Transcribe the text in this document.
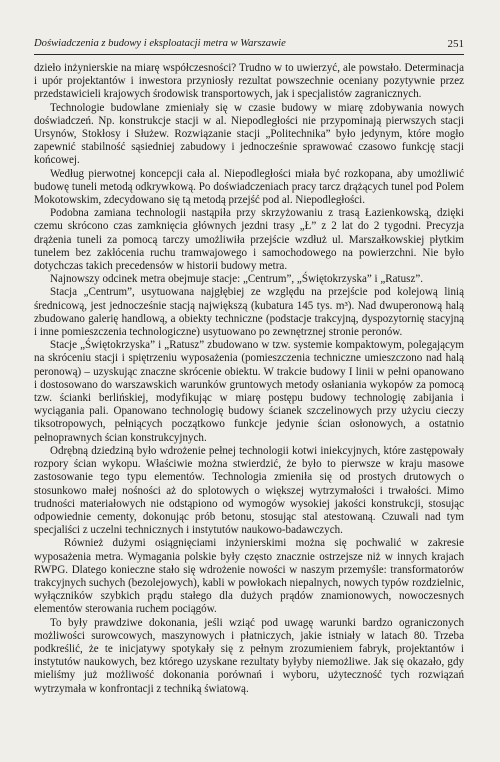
Doświadczenia z budowy i eksploatacji metra w Warszawie	251

dzieło inżynierskie na miarę współczesności? Trudno w to uwierzyć, ale powstało. Determinacja i upór projektantów i inwestora przyniosły rezultat powszechnie oceniany pozytywnie przez przedstawicieli krajowych środowisk transportowych, jak i specjalistów zagranicznych.

Technologie budowlane zmieniały się w czasie budowy w miarę zdobywania nowych doświadczeń. Np. konstrukcje stacji w al. Niepodległości nie przypominają pierwszych stacji Ursynów, Stokłosy i Służew. Rozwiązanie stacji „Politechnika” było jedynym, które mogło zapewnić stabilność sąsiedniej zabudowy i jednocześnie sprawować czasowo funkcję stacji końcowej.

Według pierwotnej koncepcji cała al. Niepodległości miała być rozkopana, aby umożliwić budowę tuneli metodą odkrywkową. Po doświadczeniach pracy tarcz drążących tunel pod Polem Mokotowskim, zdecydowano się tą metodą przejść pod al. Niepodległości.

Podobna zamiana technologii nastąpiła przy skrzyżowaniu z trasą Łazienkowską, dzięki czemu skrócono czas zamknięcia głównych jezdni trasy „Ł” z 2 lat do 2 tygodni. Precyzja drążenia tuneli za pomocą tarczy umożliwiła przejście wzdłuż ul. Marszałkowskiej płytkim tunelem bez zakłócenia ruchu tramwajowego i samochodowego na powierzchni. Nie było dotychczas takich precedensów w historii budowy metra.

Najnowszy odcinek metra obejmuje stacje: „Centrum”, „Świętokrzyska” i „Ratusz”.

Stacja „Centrum”, usytuowana najgłębiej ze względu na przejście pod kolejową linią średnicową, jest jednocześnie stacją największą (kubatura 145 tys. m³). Nad dwuperonową halą zbudowano galerię handlową, a obiekty techniczne (podstacje trakcyjną, dyspozytornię stacyjną i inne pomieszczenia technologiczne) usytuowano po zewnętrznej stronie peronów.

Stacje „Świętokrzyska” i „Ratusz” zbudowano w tzw. systemie kompaktowym, polegającym na skróceniu stacji i spiętrzeniu wyposażenia (pomieszczenia techniczne umieszczono nad halą peronową) – uzyskując znaczne skrócenie obiektu. W trakcie budowy I linii w pełni opanowano i dostosowano do warszawskich warunków gruntowych metody osłaniania wykopów za pomocą tzw. ścianki berlińskiej, modyfikując w miarę postępu budowy technologię zabijania i wyciągania pali. Opanowano technologię budowy ścianek szczelinowych przy użyciu cieczy tiksotropowych, pełniących początkowo funkcje jedynie ścian osłonowych, a ostatnio pełnoprawnych ścian konstrukcyjnych.

Odrębną dziedziną było wdrożenie pełnej technologii kotwi iniekcyjnych, które zastępowały rozpory ścian wykopu. Właściwie można stwierdzić, że było to pierwsze w kraju masowe zastosowanie tego typu elementów. Technologia zmieniła się od prostych drutowych o stosunkowo małej nośności aż do splotowych o większej wytrzymałości i trwałości. Mimo trudności materiałowych nie odstąpiono od wymogów wysokiej jakości konstrukcji, stosując odpowiednie cementy, dokonując prób betonu, stosując stal atestowaną. Czuwali nad tym specjaliści z uczelni technicznych i instytutów naukowo-badawczych.

Również dużymi osiągnięciami inżynierskimi można się pochwalić w zakresie wyposażenia metra. Wymagania polskie były często znacznie ostrzejsze niż w innych krajach RWPG. Dlatego konieczne stało się wdrożenie nowości w naszym przemyśle: transformatorów trakcyjnych suchych (bezolejowych), kabli w powłokach niepalnych, nowych typów rozdzielnic, wyłączników szybkich prądu stałego dla dużych prądów znamionowych, nowoczesnych elementów sterowania ruchem pociągów.

To były prawdziwe dokonania, jeśli wziąć pod uwagę warunki bardzo ograniczonych możliwości surowcowych, maszynowych i płatniczych, jakie istniały w latach 80. Trzeba podkreślić, że te inicjatywy spotykały się z pełnym zrozumieniem fabryk, projektantów i instytutów naukowych, bez którego uzyskane rezultaty byłyby niemożliwe. Jak się okazało, gdy mieliśmy już możliwość dokonania porównań i wyboru, użyteczność tych rozwiązań wytrzymała w konfrontacji z techniką światową.
